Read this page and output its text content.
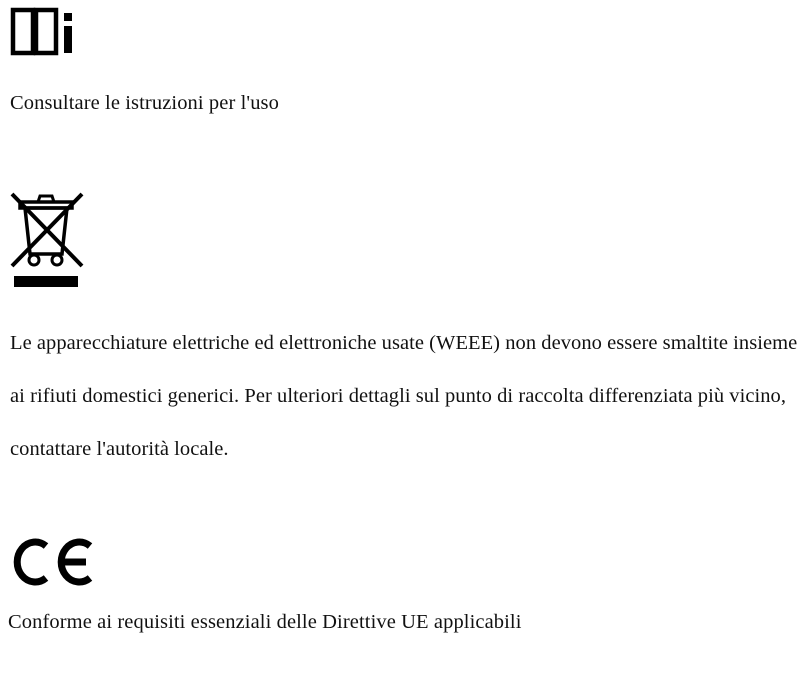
Consultare le istruzioni per l'uso
Le apparecchiature elettriche ed elettroniche usate (WEEE) non devono essere smaltite insieme ai rifiuti domestici generici. Per ulteriori dettagli sul punto di raccolta differenziata più vicino, contattare l'autorità locale.
Conforme ai requisiti essenziali delle Direttive UE applicabili
